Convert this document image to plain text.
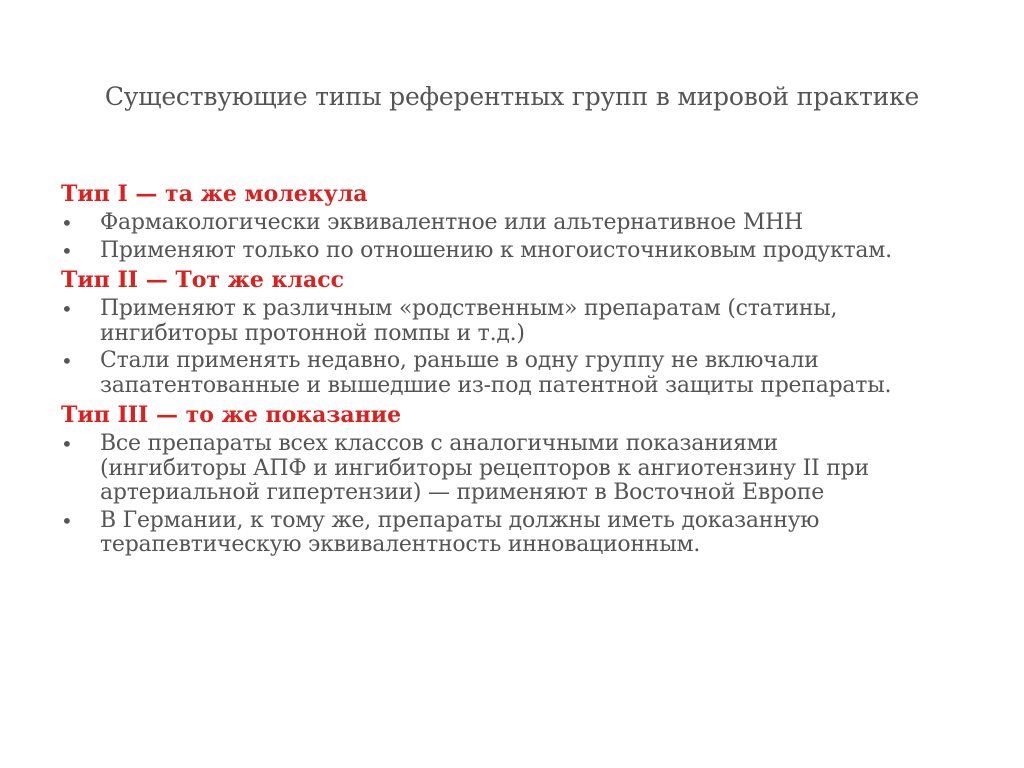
Существующие типы референтных групп в мировой практике
Тип I — та же молекула
• Фармакологически эквивалентное или альтернативное МНН
• Применяют только по отношению к многоисточниковым продуктам.
Тип II — Тот же класс
• Применяют к различным «родственным» препаратам (статины,
ингибиторы протонной помпы и т.д.)
• Стали применять недавно, раньше в одну группу не включали
запатентованные и вышедшие из-под патентной защиты препараты.
Тип III — то же показание
• Все препараты всех классов с аналогичными показаниями
(ингибиторы АПФ и ингибиторы рецепторов к ангиотензину II при
артериальной гипертензии) — применяют в Восточной Европе
• В Германии, к тому же, препараты должны иметь доказанную
терапевтическую эквивалентность инновационным.
